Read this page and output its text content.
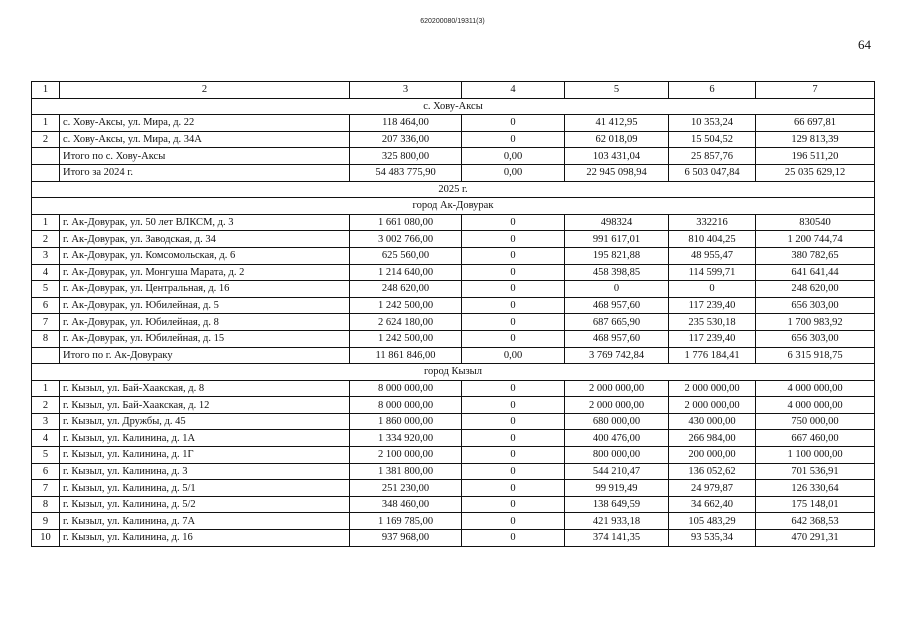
620200080/19311(3)
64
1	2	3	4	5	6	7
с. Хову-Аксы						
1	с. Хову-Аксы, ул. Мира, д. 22	118 464,00	0	41 412,95	10 353,24	66 697,81
2	с. Хову-Аксы, ул. Мира, д. 34А	207 336,00	0	62 018,09	15 504,52	129 813,39
	Итого по с. Хову-Аксы	325 800,00	0,00	103 431,04	25 857,76	196 511,20
	Итого за 2024 г.	54 483 775,90	0,00	22 945 098,94	6 503 047,84	25 035 629,12
2025 г.						
город Ак-Довурак						
1	г. Ак-Довурак, ул. 50 лет ВЛКСМ, д. 3	1 661 080,00	0	498324	332216	830540
2	г. Ак-Довурак, ул. Заводская, д. 34	3 002 766,00	0	991 617,01	810 404,25	1 200 744,74
3	г. Ак-Довурак, ул. Комсомольская, д. 6	625 560,00	0	195 821,88	48 955,47	380 782,65
4	г. Ак-Довурак, ул. Монгуша Марата, д. 2	1 214 640,00	0	458 398,85	114 599,71	641 641,44
5	г. Ак-Довурак, ул. Центральная, д. 16	248 620,00	0	0	0	248 620,00
6	г. Ак-Довурак, ул. Юбилейная, д. 5	1 242 500,00	0	468 957,60	117 239,40	656 303,00
7	г. Ак-Довурак, ул. Юбилейная, д. 8	2 624 180,00	0	687 665,90	235 530,18	1 700 983,92
8	г. Ак-Довурак, ул. Юбилейная, д. 15	1 242 500,00	0	468 957,60	117 239,40	656 303,00
	Итого по г. Ак-Довураку	11 861 846,00	0,00	3 769 742,84	1 776 184,41	6 315 918,75
город Кызыл						
1	г. Кызыл, ул. Бай-Хаакская, д. 8	8 000 000,00	0	2 000 000,00	2 000 000,00	4 000 000,00
2	г. Кызыл, ул. Бай-Хаакская, д. 12	8 000 000,00	0	2 000 000,00	2 000 000,00	4 000 000,00
3	г. Кызыл, ул. Дружбы, д. 45	1 860 000,00	0	680 000,00	430 000,00	750 000,00
4	г. Кызыл, ул. Калинина, д. 1А	1 334 920,00	0	400 476,00	266 984,00	667 460,00
5	г. Кызыл, ул. Калинина, д. 1Г	2 100 000,00	0	800 000,00	200 000,00	1 100 000,00
6	г. Кызыл, ул. Калинина, д. 3	1 381 800,00	0	544 210,47	136 052,62	701 536,91
7	г. Кызыл, ул. Калинина, д. 5/1	251 230,00	0	99 919,49	24 979,87	126 330,64
8	г. Кызыл, ул. Калинина, д. 5/2	348 460,00	0	138 649,59	34 662,40	175 148,01
9	г. Кызыл, ул. Калинина, д. 7А	1 169 785,00	0	421 933,18	105 483,29	642 368,53
10	г. Кызыл, ул. Калинина, д. 16	937 968,00	0	374 141,35	93 535,34	470 291,31
